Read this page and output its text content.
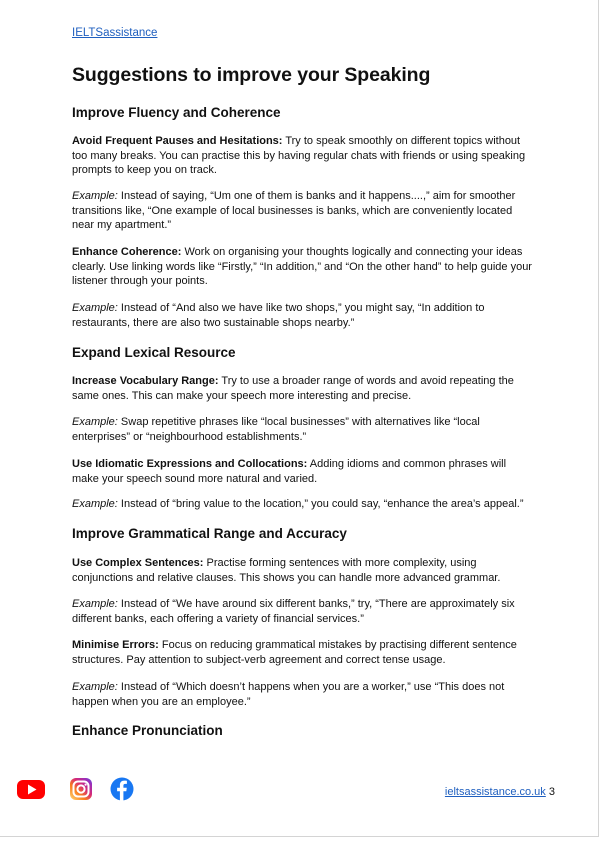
IELTSassistance
Suggestions to improve your Speaking
Improve Fluency and Coherence

Avoid Frequent Pauses and Hesitations: Try to speak smoothly on different topics without too many breaks. You can practise this by having regular chats with friends or using speaking prompts to keep you on track.

Example: Instead of saying, “Um one of them is banks and it happens....,” aim for smoother transitions like, “One example of local businesses is banks, which are conveniently located near my apartment.”

Enhance Coherence: Work on organising your thoughts logically and connecting your ideas clearly. Use linking words like “Firstly,” “In addition,” and “On the other hand” to help guide your listener through your points.

Example: Instead of “And also we have like two shops,” you might say, “In addition to restaurants, there are also two sustainable shops nearby.”

Expand Lexical Resource

Increase Vocabulary Range: Try to use a broader range of words and avoid repeating the same ones. This can make your speech more interesting and precise.

Example: Swap repetitive phrases like “local businesses” with alternatives like “local enterprises” or “neighbourhood establishments.”

Use Idiomatic Expressions and Collocations: Adding idioms and common phrases will make your speech sound more natural and varied.

Example: Instead of “bring value to the location,” you could say, “enhance the area’s appeal.”

Improve Grammatical Range and Accuracy

Use Complex Sentences: Practise forming sentences with more complexity, using conjunctions and relative clauses. This shows you can handle more advanced grammar.

Example: Instead of “We have around six different banks,” try, “There are approximately six different banks, each offering a variety of financial services.”

Minimise Errors: Focus on reducing grammatical mistakes by practising different sentence structures. Pay attention to subject-verb agreement and correct tense usage.

Example: Instead of “Which doesn’t happens when you are a worker,” use “This does not happen when you are an employee.”

Enhance Pronunciation
ieltsassistance.co.uk 3
